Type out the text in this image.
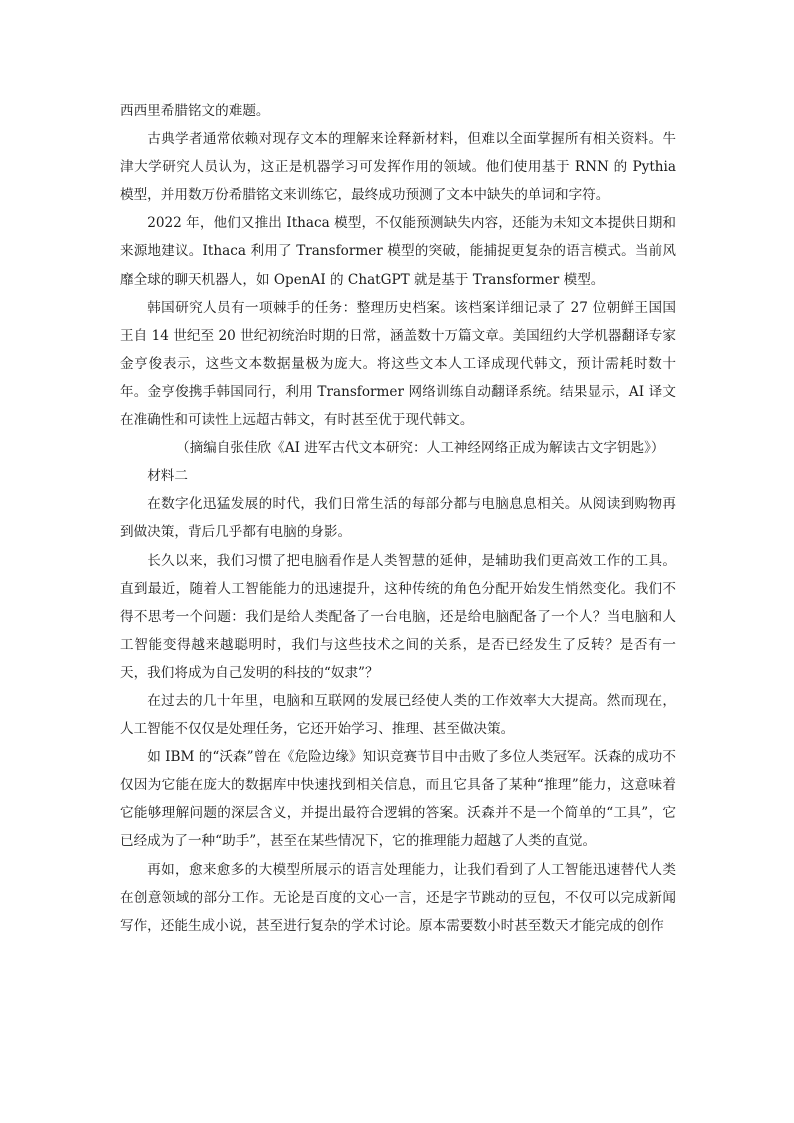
西西里希腊铭文的难题。

古典学者通常依赖对现存文本的理解来诠释新材料，但难以全面掌握所有相关资料。牛津大学研究人员认为，这正是机器学习可发挥作用的领域。他们使用基于 RNN 的 Pythia 模型，并用数万份希腊铭文来训练它，最终成功预测了文本中缺失的单词和字符。

2022 年，他们又推出 Ithaca 模型，不仅能预测缺失内容，还能为未知文本提供日期和来源地建议。Ithaca 利用了 Transformer 模型的突破，能捕捉更复杂的语言模式。当前风靡全球的聊天机器人，如 OpenAI 的 ChatGPT 就是基于 Transformer 模型。

韩国研究人员有一项棘手的任务：整理历史档案。该档案详细记录了 27 位朝鲜王国国王自 14 世纪至 20 世纪初统治时期的日常，涵盖数十万篇文章。美国纽约大学机器翻译专家金亨俊表示，这些文本数据量极为庞大。将这些文本人工译成现代韩文，预计需耗时数十年。金亨俊携手韩国同行，利用 Transformer 网络训练自动翻译系统。结果显示，AI 译文在准确性和可读性上远超古韩文，有时甚至优于现代韩文。

（摘编自张佳欣《AI 进军古代文本研究：人工神经网络正成为解读古文字钥匙》）

材料二

在数字化迅猛发展的时代，我们日常生活的每部分都与电脑息息相关。从阅读到购物再到做决策，背后几乎都有电脑的身影。

长久以来，我们习惯了把电脑看作是人类智慧的延伸，是辅助我们更高效工作的工具。直到最近，随着人工智能能力的迅速提升，这种传统的角色分配开始发生悄然变化。我们不得不思考一个问题：我们是给人类配备了一台电脑，还是给电脑配备了一个人？当电脑和人工智能变得越来越聪明时，我们与这些技术之间的关系，是否已经发生了反转？是否有一天，我们将成为自己发明的科技的“奴隶”？

在过去的几十年里，电脑和互联网的发展已经使人类的工作效率大大提高。然而现在，人工智能不仅仅是处理任务，它还开始学习、推理、甚至做决策。

如 IBM 的“沃森”曾在《危险边缘》知识竞赛节目中击败了多位人类冠军。沃森的成功不仅因为它能在庞大的数据库中快速找到相关信息，而且它具备了某种“推理”能力，这意味着它能够理解问题的深层含义，并提出最符合逻辑的答案。沃森并不是一个简单的“工具”，它已经成为了一种“助手”，甚至在某些情况下，它的推理能力超越了人类的直觉。

再如，愈来愈多的大模型所展示的语言处理能力，让我们看到了人工智能迅速替代人类在创意领域的部分工作。无论是百度的文心一言，还是字节跳动的豆包，不仅可以完成新闻写作，还能生成小说，甚至进行复杂的学术讨论。原本需要数小时甚至数天才能完成的创作
